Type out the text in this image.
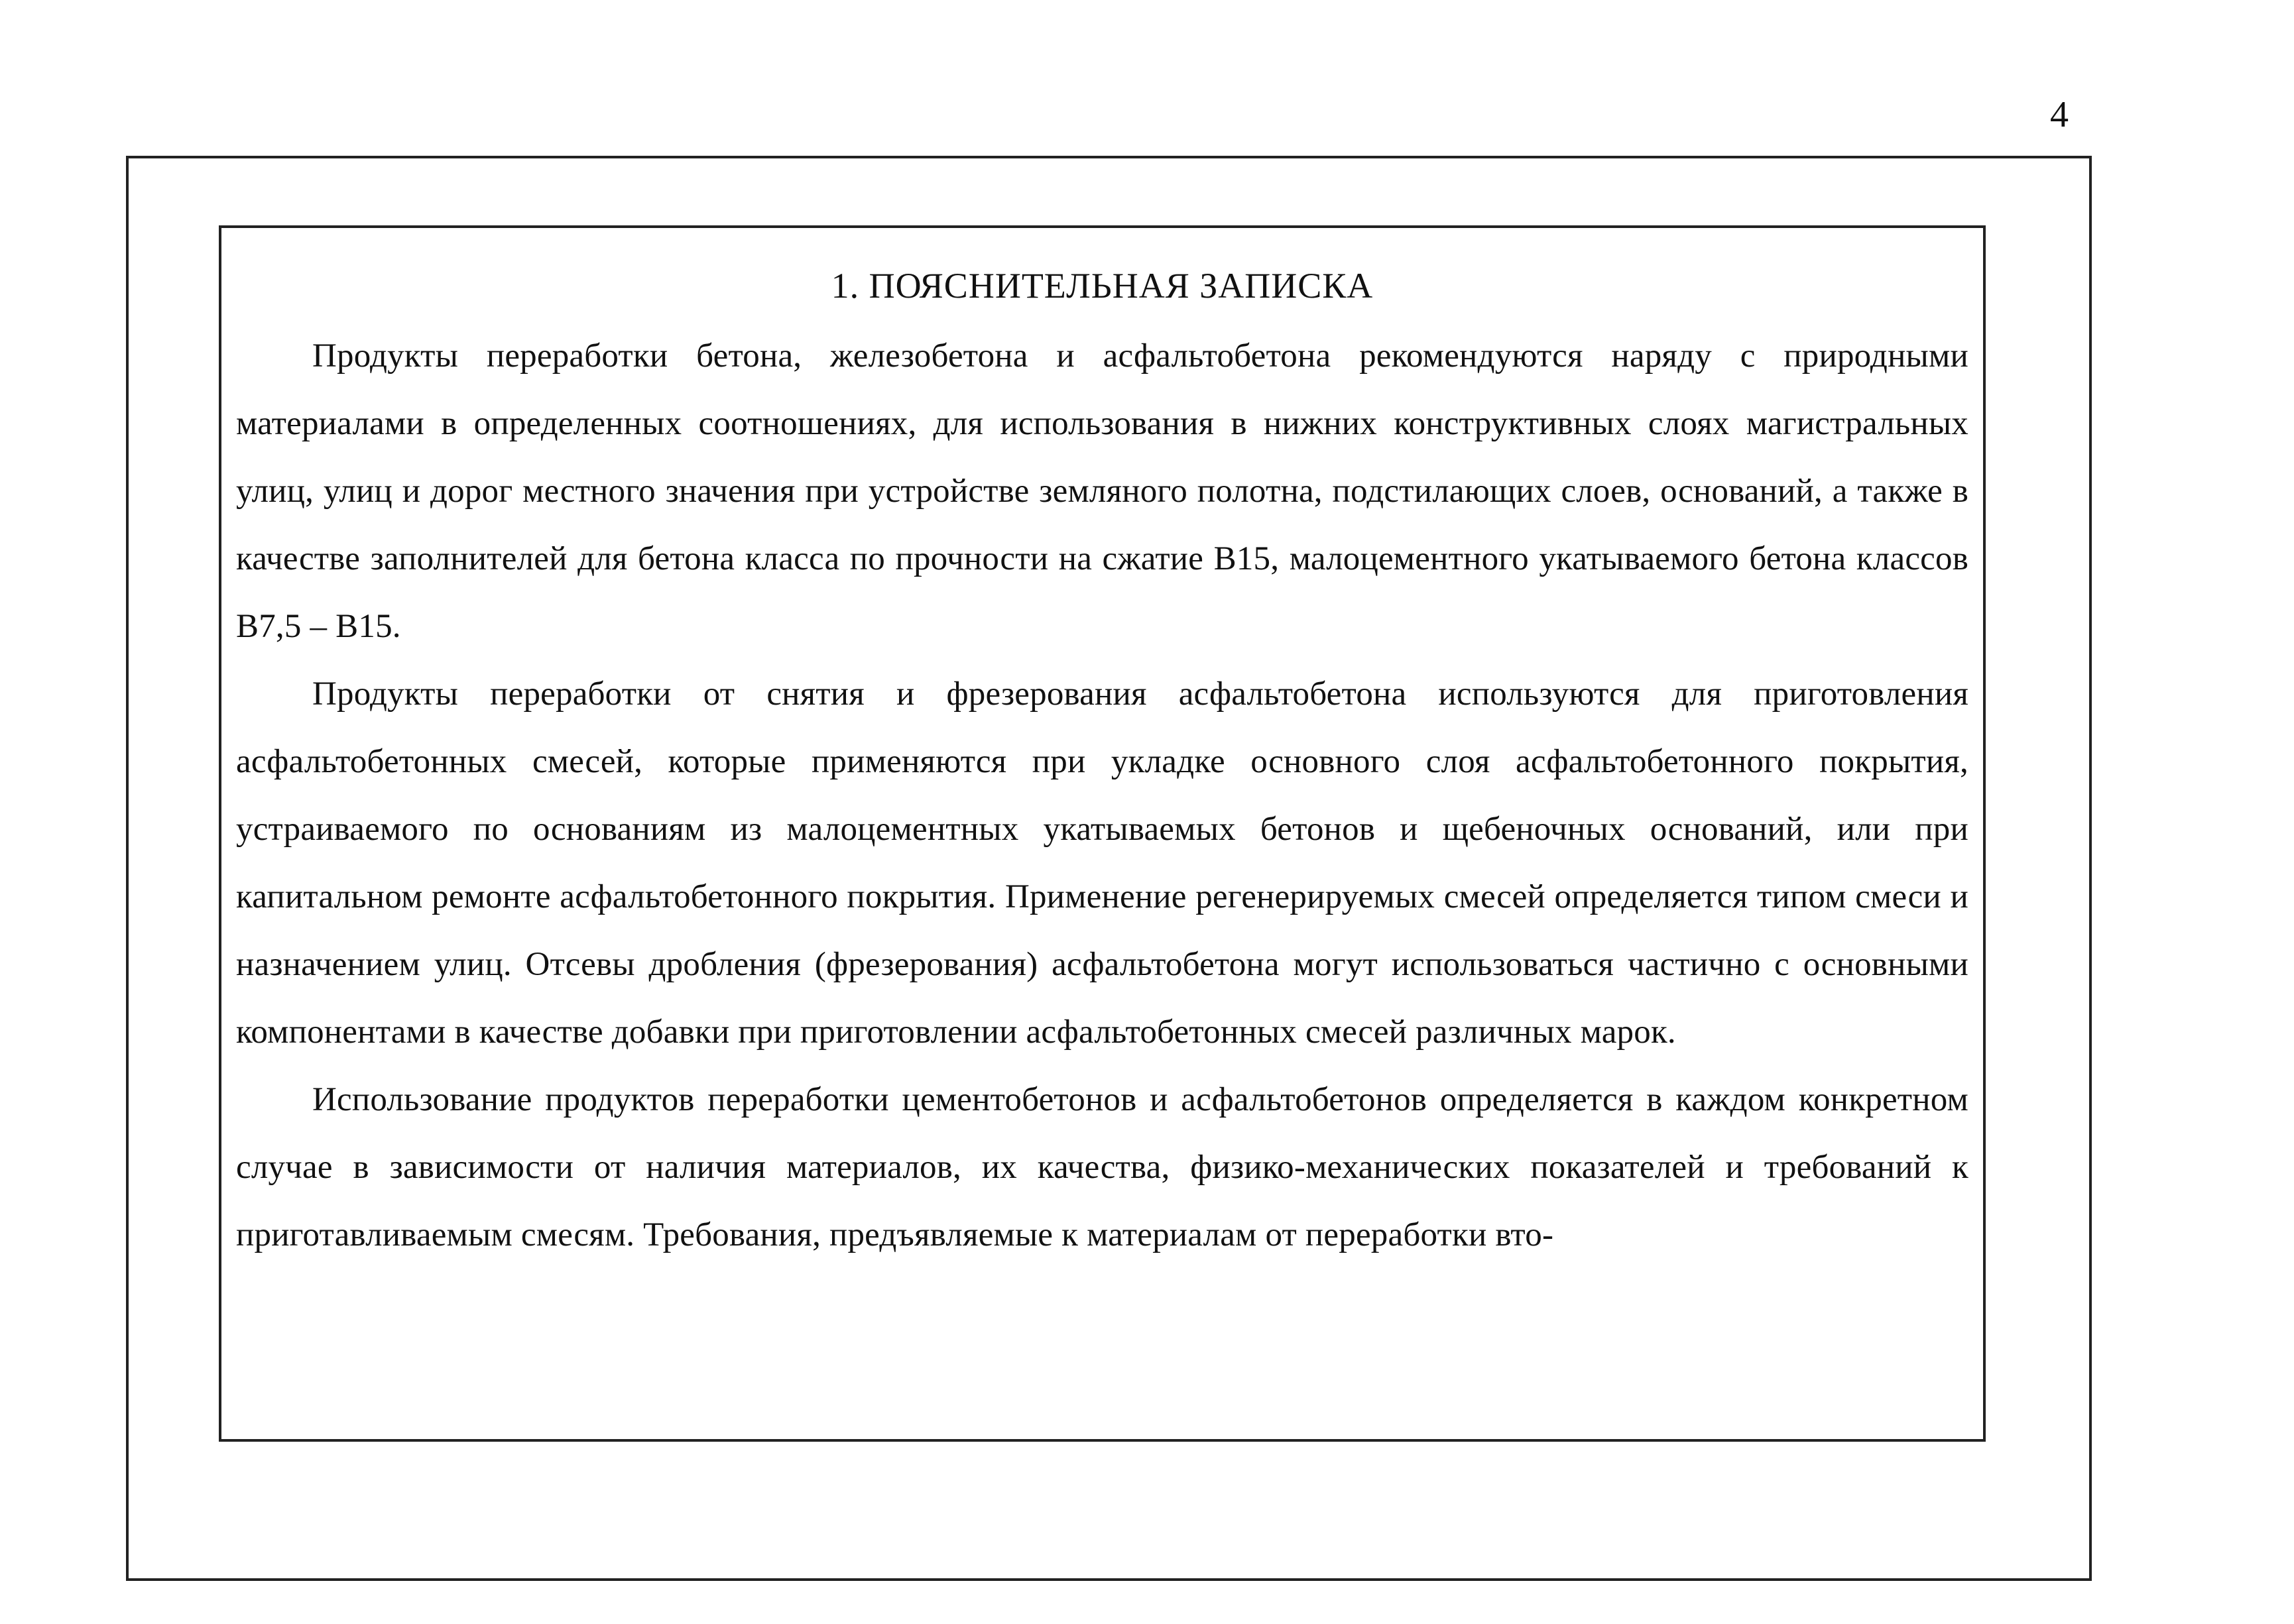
4
1. ПОЯСНИТЕЛЬНАЯ ЗАПИСКА

Продукты переработки бетона, железобетона и асфальтобетона рекомендуются наряду с природными материалами в определенных соотношениях, для использования в нижних конструктивных слоях магистральных улиц, улиц и дорог местного значения при устройстве земляного полотна, подстилающих слоев, оснований, а также в качестве заполнителей для бетона класса по прочности на сжатие B15, малоцементного укатываемого бетона классов B7,5 – B15.

Продукты переработки от снятия и фрезерования асфальтобетона используются для приготовления асфальтобетонных смесей, которые применяются при укладке основного слоя асфальтобетонного покрытия, устраиваемого по основаниям из малоцементных укатываемых бетонов и щебеночных оснований, или при капитальном ремонте асфальтобетонного покрытия. Применение регенерируемых смесей определяется типом смеси и назначением улиц. Отсевы дробления (фрезерования) асфальтобетона могут использоваться частично с основными компонентами в качестве добавки при приготовлении асфальтобетонных смесей различных марок.

Использование продуктов переработки цементобетонов и асфальтобетонов определяется в каждом конкретном случае в зависимости от наличия материалов, их качества, физико-механических показателей и требований к приготавливаемым смесям. Требования, предъявляемые к материалам от переработки вто-
